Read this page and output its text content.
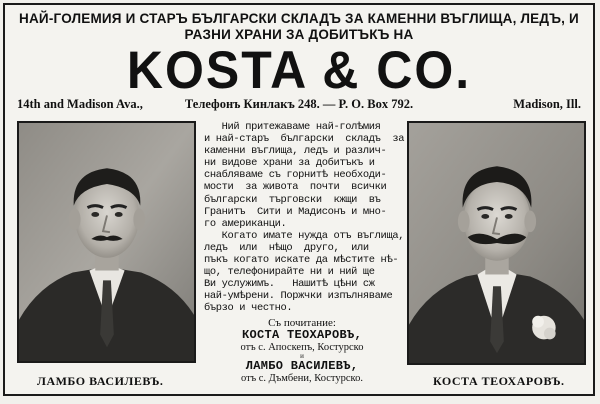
НАЙ-ГОЛЕМИЯ И СТАРЪ БЪЛГАРСКИ СКЛАДЪ ЗА КАМЕННИ ВЪГЛИЩА, ЛЕДЪ, И
РАЗНИ ХРАНИ ЗА ДОБИТЪКЪ НА
KOSTA & CO.
14th and Madison Ava.,	Телефонъ Кинлакъ 248. — P. O. Box 792.	Madison, Ill.
ЛАМБО ВАСИЛЕВЪ.	КОСТА ТЕОХАРОВЪ.

Ний притежаваме най-голѣмия

и най-старъ  български  складъ  за

каменни въглища, ледъ и различ-

ни видове храни за добитъкъ и

снабляваме съ горнитѣ необходи-

мости  за живота  почти  всички

български  търговски  кжщи  въ

Гранитъ  Сити и Мадисонъ и мно-

го американци.

Когато имате нужда отъ въглища,

ледъ  или  нѣщо  друго,  или

пъкъ когато искате да мѣстите нѣ-

що, телефонирайте ни и ний ще

Ви услужимъ.   Нашитѣ цѣни сж

най-умѣрени. Поржчки изпълняваме

бързо и честно.

Съ почитание:
КОСТА ТЕОХАРОВЪ,
отъ с. Апоскепъ, Костурско
и
ЛАМБО ВАСИЛЕВЪ,
отъ с. Дъмбени, Костурско.
